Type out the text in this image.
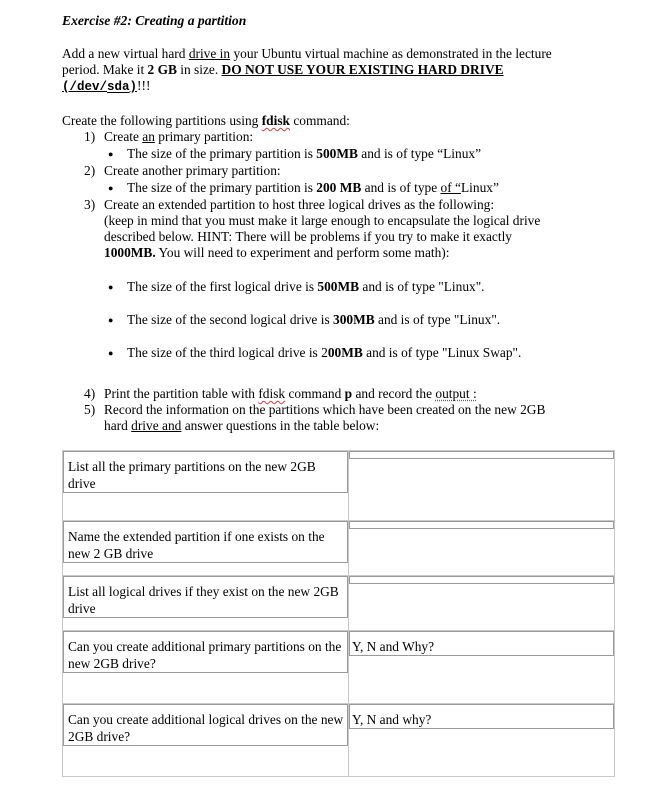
Exercise #2: Creating a partition
Add a new virtual hard drive in your Ubuntu virtual machine as demonstrated in the lecture
period. Make it 2 GB in size. DO NOT USE YOUR EXISTING HARD DRIVE
(/dev/sda)!!!
Create the following partitions using fdisk command:
1) Create an primary partition:
● The size of the primary partition is 500MB and is of type “Linux”
2) Create another primary partition:
● The size of the primary partition is 200 MB and is of type of “Linux”
3) Create an extended partition to host three logical drives as the following:
(keep in mind that you must make it large enough to encapsulate the logical drive
described below. HINT: There will be problems if you try to make it exactly
1000MB. You will need to experiment and perform some math):
● The size of the first logical drive is 500MB and is of type "Linux".
● The size of the second logical drive is 300MB and is of type "Linux".
● The size of the third logical drive is 200MB and is of type "Linux Swap".
4) Print the partition table with fdisk command p and record the output :
5) Record the information on the partitions which have been created on the new 2GB
hard drive and answer questions in the table below:
List all the primary partitions on the new 2GB drive	

Name the extended partition if one exists on the new 2 GB drive	

List all logical drives if they exist on the new 2GB drive	

Can you create additional primary partitions on the new 2GB drive?	Y, N and Why?

Can you create additional logical drives on the new 2GB drive?	Y, N and why?
